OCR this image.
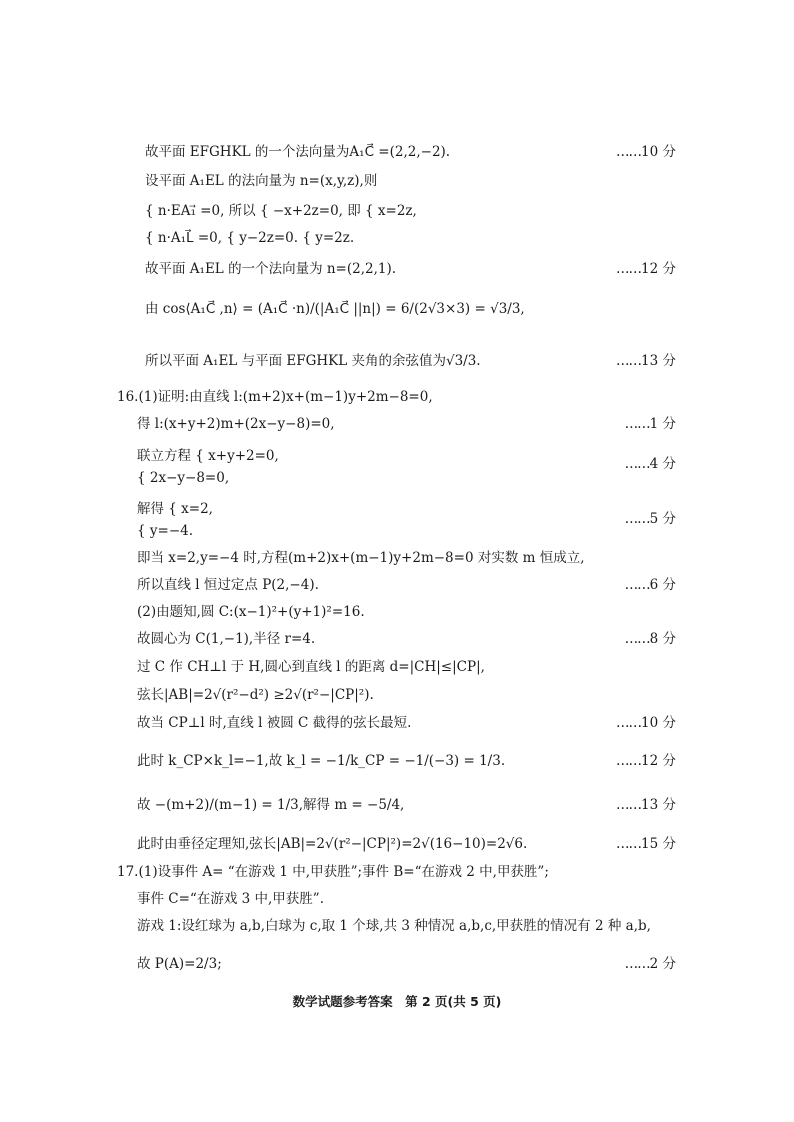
故平面 EFGHKL 的一个法向量为A₁C⃗ =(2,2,−2).	……10 分
设平面 A₁EL 的法向量为 n=(x,y,z),则
{ n·EA₁⃗ =0, 所以 { −x+2z=0, 即 { x=2z,
{ n·A₁L⃗ =0, { y−2z=0. { y=2z.
故平面 A₁EL 的一个法向量为 n=(2,2,1).	……12 分
由 cos⟨A₁C⃗ ,n⟩ = (A₁C⃗ ·n)/(|A₁C⃗ ||n|) = 6/(2√3×3) = √3/3,
所以平面 A₁EL 与平面 EFGHKL 夹角的余弦值为√3/3.	……13 分
16.(1)证明:由直线 l:(m+2)x+(m−1)y+2m−8=0,
得 l:(x+y+2)m+(2x−y−8)=0,	……1 分
联立方程 { x+y+2=0,	……4 分
{ 2x−y−8=0,
解得 { x=2,
……5 分
{ y=−4.
即当 x=2,y=−4 时,方程(m+2)x+(m−1)y+2m−8=0 对实数 m 恒成立,
所以直线 l 恒过定点 P(2,−4).	……6 分
(2)由题知,圆 C:(x−1)²+(y+1)²=16.
故圆心为 C(1,−1),半径 r=4.	……8 分
过 C 作 CH⊥l 于 H,圆心到直线 l 的距离 d=|CH|≤|CP|,
弦长|AB|=2√(r²−d²) ≥2√(r²−|CP|²).
故当 CP⊥l 时,直线 l 被圆 C 截得的弦长最短.	……10 分
此时 k_CP×k_l=−1,故 k_l = −1/k_CP = −1/(−3) = 1/3.	……12 分
故 −(m+2)/(m−1) = 1/3,解得 m = −5/4,	……13 分
此时由垂径定理知,弦长|AB|=2√(r²−|CP|²)=2√(16−10)=2√6.	……15 分
17.(1)设事件 A= “在游戏 1 中,甲获胜”;事件 B=“在游戏 2 中,甲获胜”;
事件 C=“在游戏 3 中,甲获胜”.
游戏 1:设红球为 a,b,白球为 c,取 1 个球,共 3 种情况 a,b,c,甲获胜的情况有 2 种 a,b,
故 P(A)=2/3;	……2 分
数学试题参考答案　第 2 页(共 5 页)
